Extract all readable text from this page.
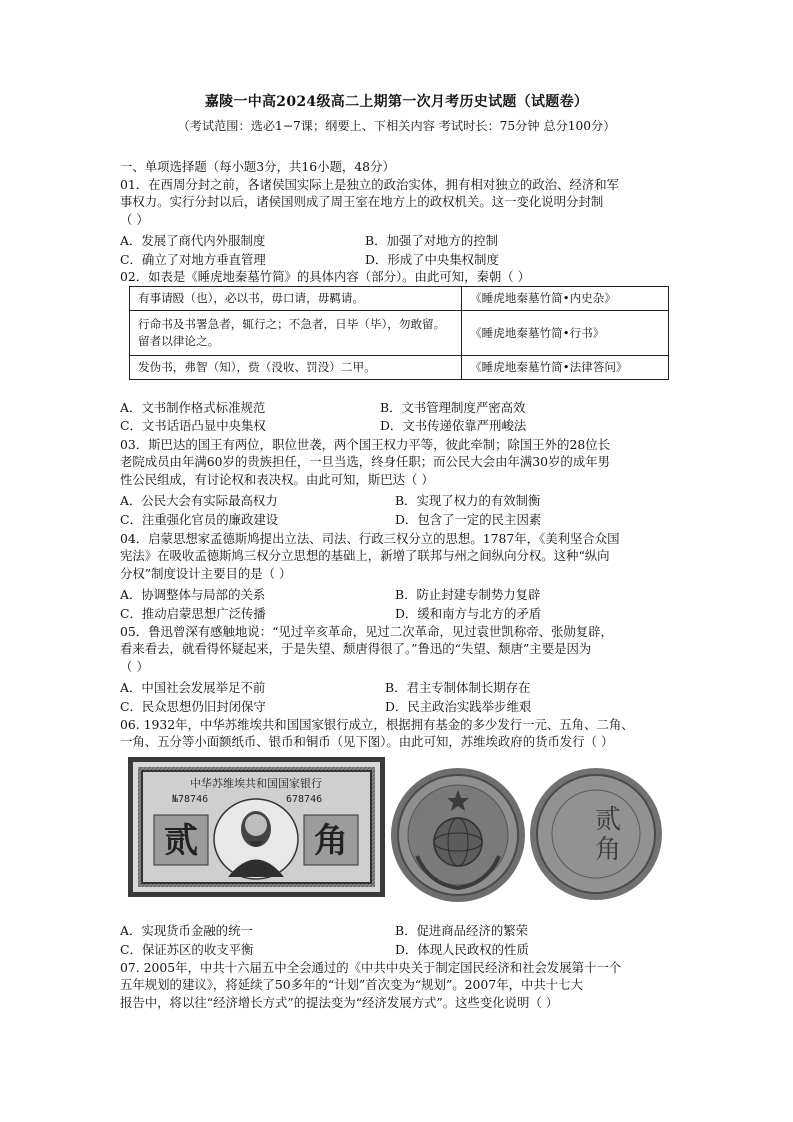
嘉陵一中高2024级高二上期第一次月考历史试题（试题卷）
（考试范围：选必1−7课；纲要上、下相关内容 考试时长：75分钟 总分100分）
一、单项选择题（每小题3分，共16小题，48分）
01．在西周分封之前，各诸侯国实际上是独立的政治实体，拥有相对独立的政治、经济和军
事权力。实行分封以后，诸侯国则成了周王室在地方上的政权机关。这一变化说明分封制
（ ）
A．发展了商代内外服制度	B．加强了对地方的控制
C．确立了对地方垂直管理	D．形成了中央集权制度
02．如表是《睡虎地秦墓竹简》的具体内容（部分）。由此可知，秦朝（ ）
有事请殹（也），必以书，毋口请，毋羁请。	《睡虎地秦墓竹简•内史杂》
行命书及书署急者，辄行之；不急者，日毕（毕），勿敢留。留者以律论之。	《睡虎地秦墓竹简•行书》
发伪书，弗智（知），赀（没收、罚没）二甲。	《睡虎地秦墓竹简•法律答问》
A．文书制作格式标准规范	B．文书管理制度严密高效
C．文书话语凸显中央集权	D．文书传递依靠严刑峻法
03．斯巴达的国王有两位，职位世袭，两个国王权力平等，彼此牵制；除国王外的28位长
老院成员由年满60岁的贵族担任，一旦当选，终身任职；而公民大会由年满30岁的成年男
性公民组成，有讨论权和表决权。由此可知，斯巴达（ ）
A．公民大会有实际最高权力	B．实现了权力的有效制衡
C．注重强化官员的廉政建设	D．包含了一定的民主因素
04．启蒙思想家孟德斯鸠提出立法、司法、行政三权分立的思想。1787年，《美利坚合众国
宪法》在吸收孟德斯鸠三权分立思想的基础上，新增了联邦与州之间纵向分权。这种“纵向
分权”制度设计主要目的是（ ）
A．协调整体与局部的关系	B．防止封建专制势力复辟
C．推动启蒙思想广泛传播	D．缓和南方与北方的矛盾
05．鲁迅曾深有感触地说：“见过辛亥革命，见过二次革命，见过袁世凯称帝、张勋复辟，
看来看去，就看得怀疑起来，于是失望、颓唐得很了。”鲁迅的“失望、颓唐”主要是因为
（ ）
A．中国社会发展举足不前	B．君主专制体制长期存在
C．民众思想仍旧封闭保守	D．民主政治实践举步维艰
06. 1932年，中华苏维埃共和国国家银行成立，根据拥有基金的多少发行一元、五角、二角、
一角、五分等小面额纸币、银币和铜币（见下图）。由此可知，苏维埃政府的货币发行（ ）
中华苏维埃共和国国家银行
№78746	678746
贰	角
贰
角
A．实现货币金融的统一	B．促进商品经济的繁荣
C．保证苏区的收支平衡	D．体现人民政权的性质
07. 2005年，中共十六届五中全会通过的《中共中央关于制定国民经济和社会发展第十一个
五年规划的建议》，将延续了50多年的“计划”首次变为“规划”。2007年，中共十七大
报告中，将以往“经济增长方式”的提法变为“经济发展方式”。这些变化说明（ ）
